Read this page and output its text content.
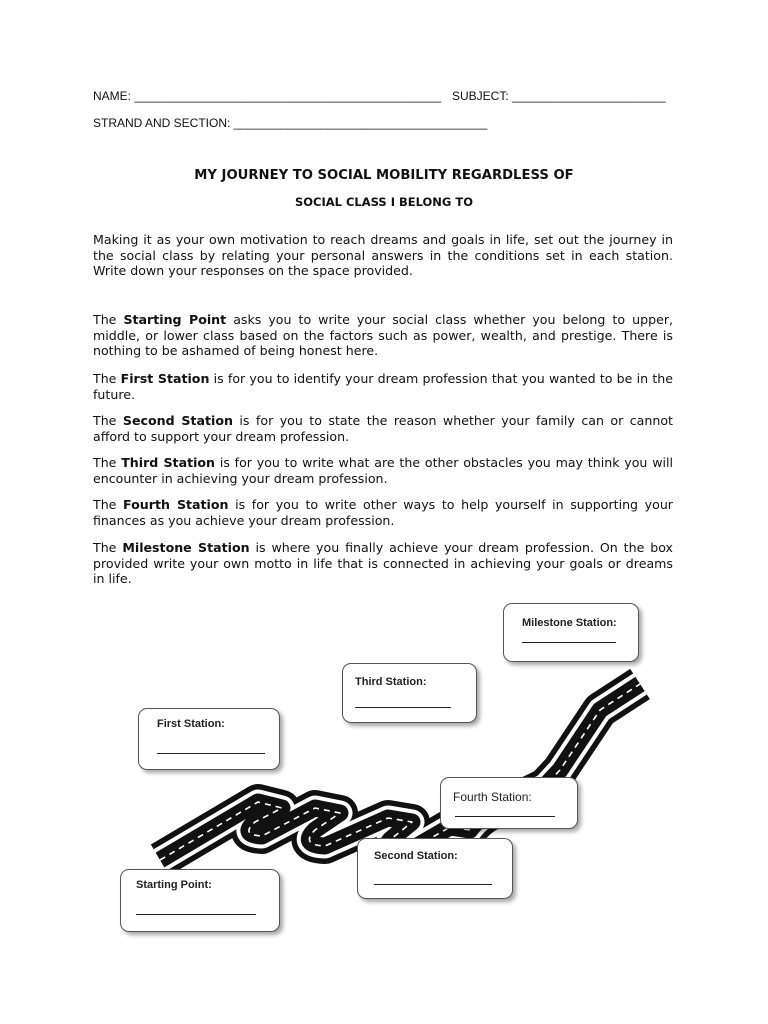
NAME: ______________________________________________ SUBJECT: _______________________
STRAND AND SECTION: ______________________________________
MY JOURNEY TO SOCIAL MOBILITY REGARDLESS OF
SOCIAL CLASS I BELONG TO

Making it as your own motivation to reach dreams and goals in life, set out the journey in the social class by relating your personal answers in the conditions set in each station. Write down your responses on the space provided.

The Starting Point asks you to write your social class whether you belong to upper, middle, or lower class based on the factors such as power, wealth, and prestige. There is nothing to be ashamed of being honest here.

The First Station is for you to identify your dream profession that you wanted to be in the future.

The Second Station is for you to state the reason whether your family can or cannot afford to support your dream profession.

The Third Station is for you to write what are the other obstacles you may think you will encounter in achieving your dream profession.

The Fourth Station is for you to write other ways to help yourself in supporting your finances as you achieve your dream profession.

The Milestone Station is where you finally achieve your dream profession. On the box provided write your own motto in life that is connected in achieving your goals or dreams in life.

Milestone Station:
Third Station:
First Station:
Fourth Station:
Second Station:
Starting Point:
